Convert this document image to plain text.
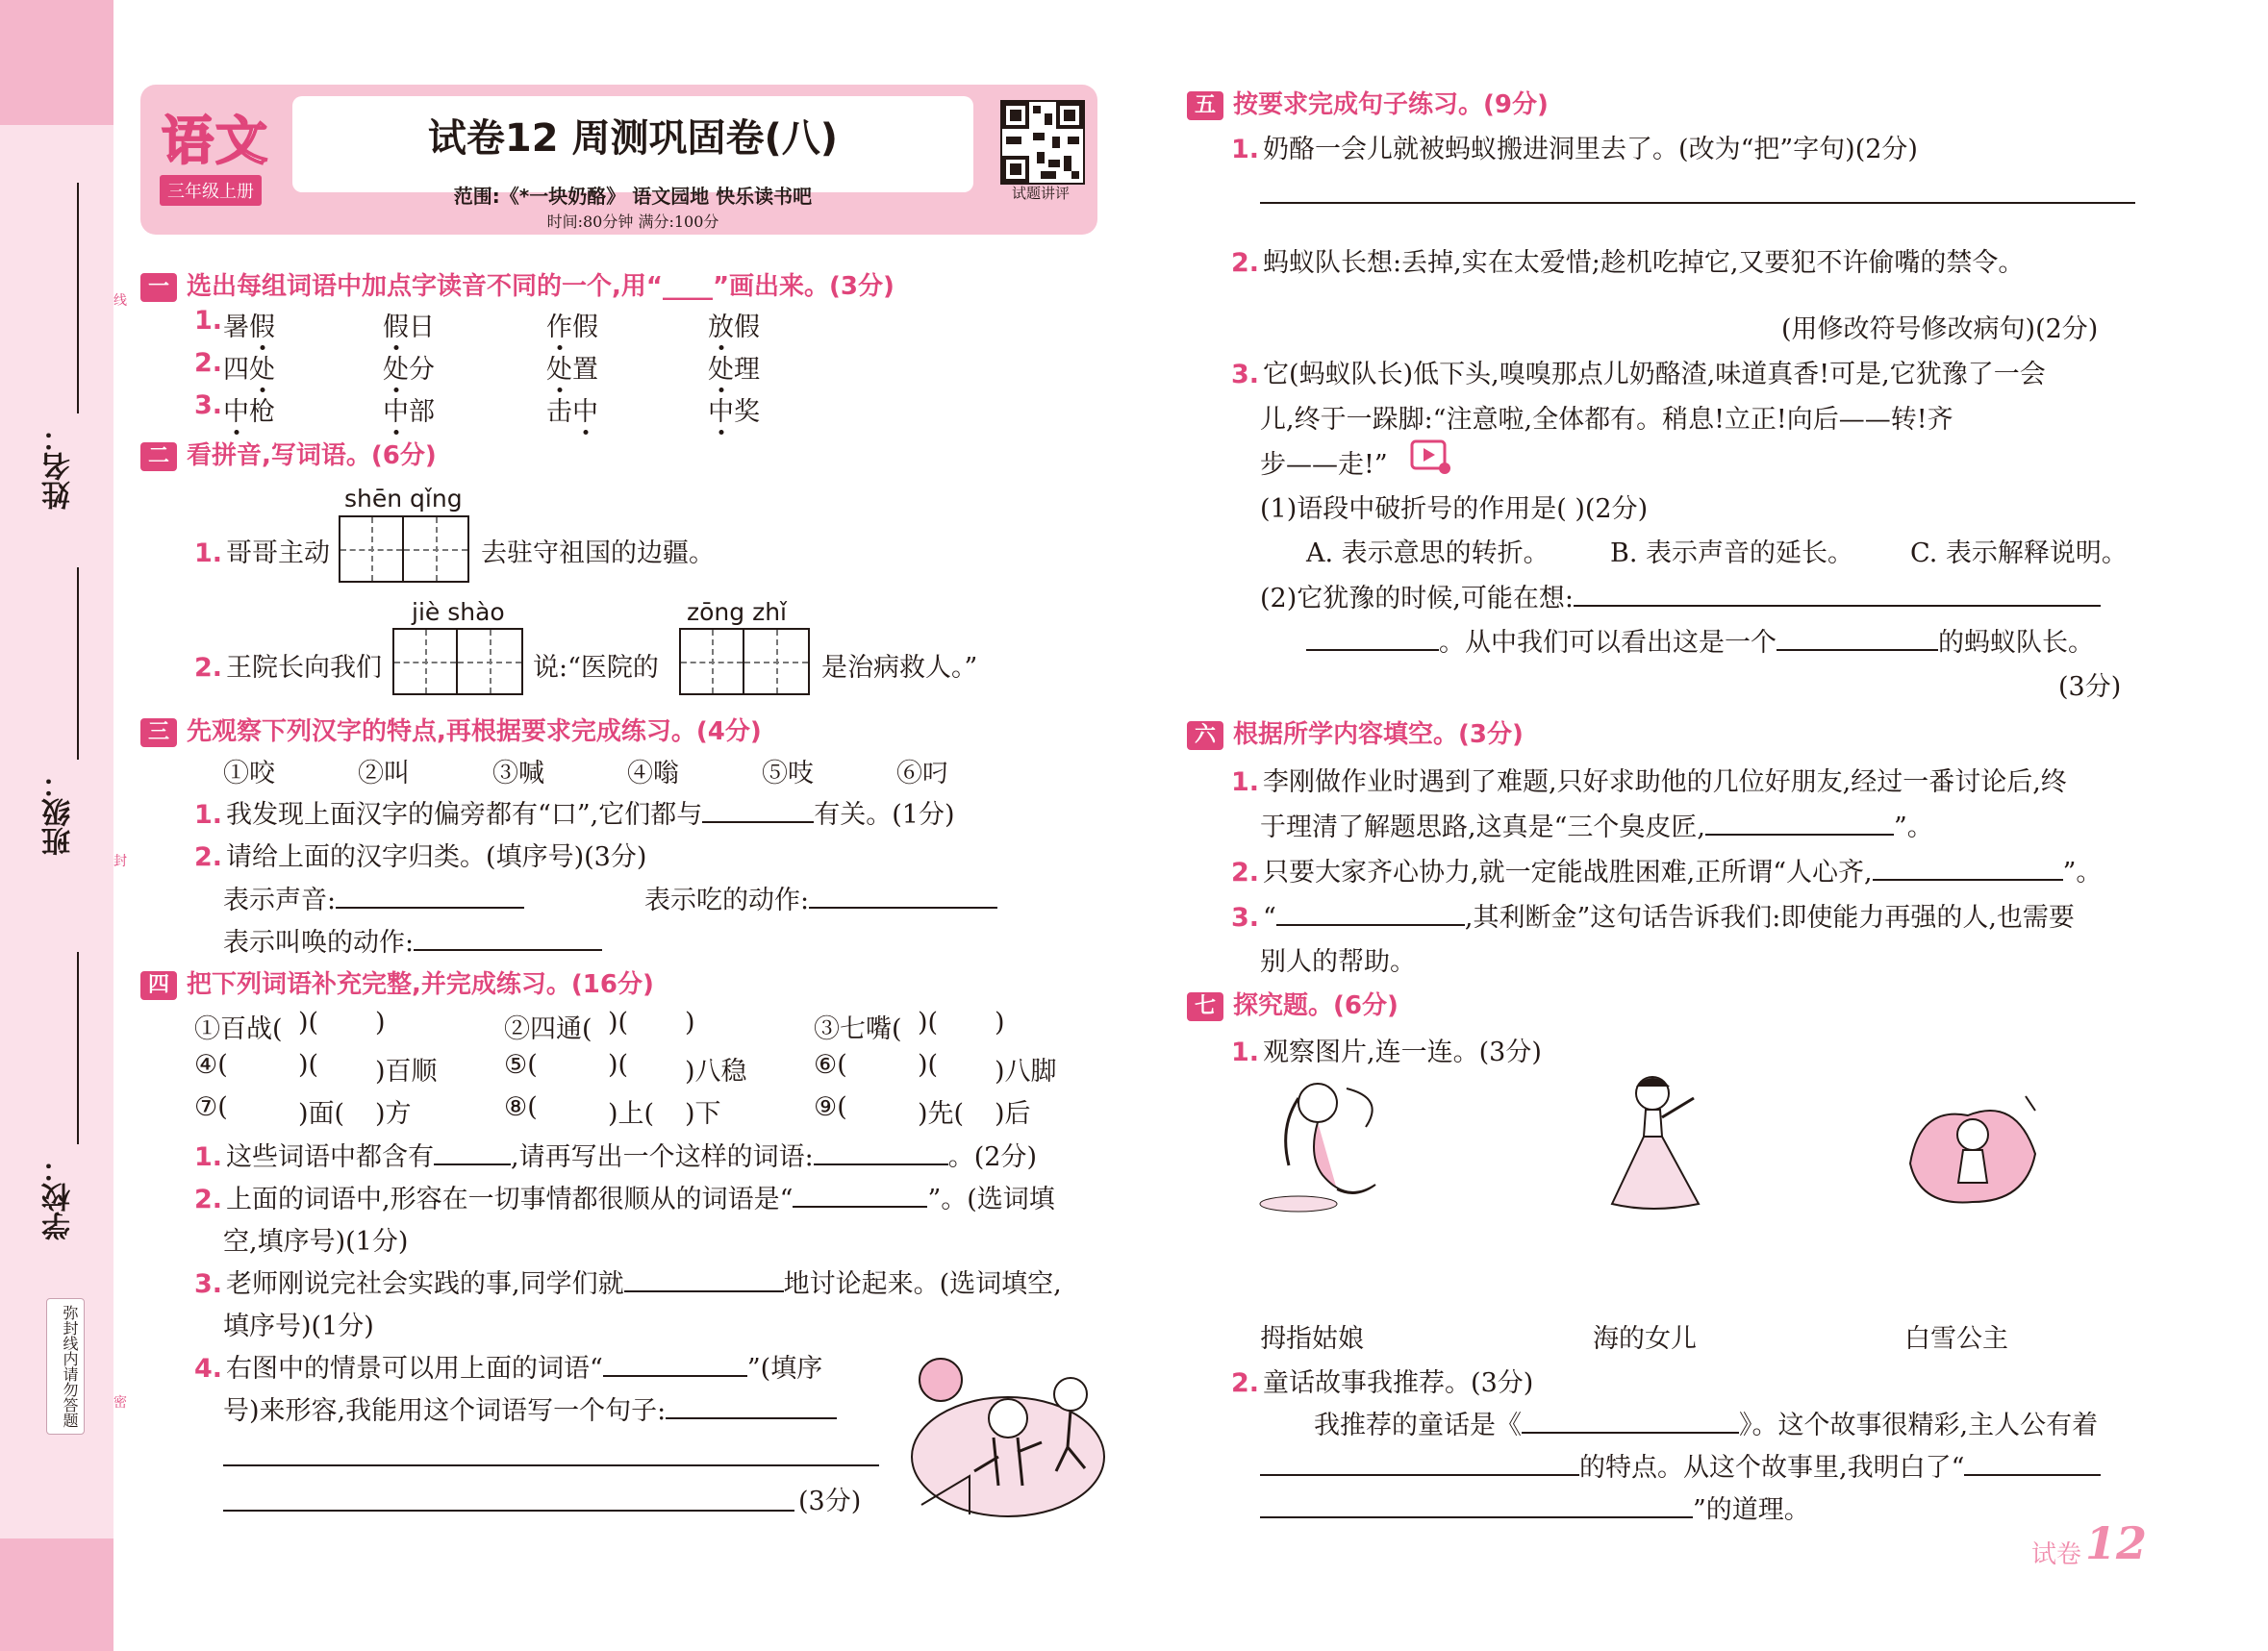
姓名：
班级：
学校：
弥封线内请勿答题
线
封
密
语文
三年级上册
试卷12 周测巩固卷(八)
范围:《*一块奶酪》 语文园地 快乐读书吧
时间:80分钟 满分:100分
试题讲评
一 选出每组词语中加点字读音不同的一个,用“____”画出来。(3分)
1. 暑假	假日	作假	放假
2. 四处	处分	处置	处理
3. 中枪	中部	击中	中奖
二 看拼音,写词语。(6分)
shēn qǐng
1. 哥哥主动	去驻守祖国的边疆。
jiè shào	zōng zhǐ
2. 王院长向我们	说:“医院的	是治病救人。”
三 先观察下列汉字的特点,再根据要求完成练习。(4分)
①咬	②叫	③喊	④嗡	⑤吱	⑥叼
1. 我发现上面汉字的偏旁都有“口”,它们都与	有关。(1分)
2. 请给上面的汉字归类。(填序号)(3分)
表示声音:	表示吃的动作:
表示叫唤的动作:
四 把下列词语补充完整,并完成练习。(16分)
①百战( )( )	②四通( )( )	③七嘴( )( )
④(	)( )百顺	⑤(	)( )八稳	⑥(	)( )八脚
⑦(	)面( )方	⑧(	)上( )下	⑨(	)先( )后
1. 这些词语中都含有	,请再写出一个这样的词语:	。(2分)
2. 上面的词语中,形容在一切事情都很顺从的词语是“	”。(选词填
空,填序号)(1分)
3. 老师刚说完社会实践的事,同学们就	地讨论起来。(选词填空,
填序号)(1分)
4. 右图中的情景可以用上面的词语“	”(填序
号)来形容,我能用这个词语写一个句子:
(3分)
五 按要求完成句子练习。(9分)
1. 奶酪一会儿就被蚂蚁搬进洞里去了。(改为“把”字句)(2分)
2. 蚂蚁队长想:丢掉,实在太爱惜;趁机吃掉它,又要犯不许偷嘴的禁令。
(用修改符号修改病句)(2分)
3. 它(蚂蚁队长)低下头,嗅嗅那点儿奶酪渣,味道真香!可是,它犹豫了一会
儿,终于一跺脚:“注意啦,全体都有。稍息!立正!向后——转!齐
步——走!”
(1)语段中破折号的作用是( )(2分)
A. 表示意思的转折。 B. 表示声音的延长。 C. 表示解释说明。
(2)它犹豫的时候,可能在想:
。从中我们可以看出这是一个	的蚂蚁队长。
(3分)
六 根据所学内容填空。(3分)
1. 李刚做作业时遇到了难题,只好求助他的几位好朋友,经过一番讨论后,终
于理清了解题思路,这真是“三个臭皮匠,	”。
2. 只要大家齐心协力,就一定能战胜困难,正所谓“人心齐,	”。
3. “	,其利断金”这句话告诉我们:即使能力再强的人,也需要
别人的帮助。
七 探究题。(6分)
1. 观察图片,连一连。(3分)
拇指姑娘	海的女儿	白雪公主
2. 童话故事我推荐。(3分)
我推荐的童话是《	》。这个故事很精彩,主人公有着
的特点。从这个故事里,我明白了“
”的道理。
试卷 12
